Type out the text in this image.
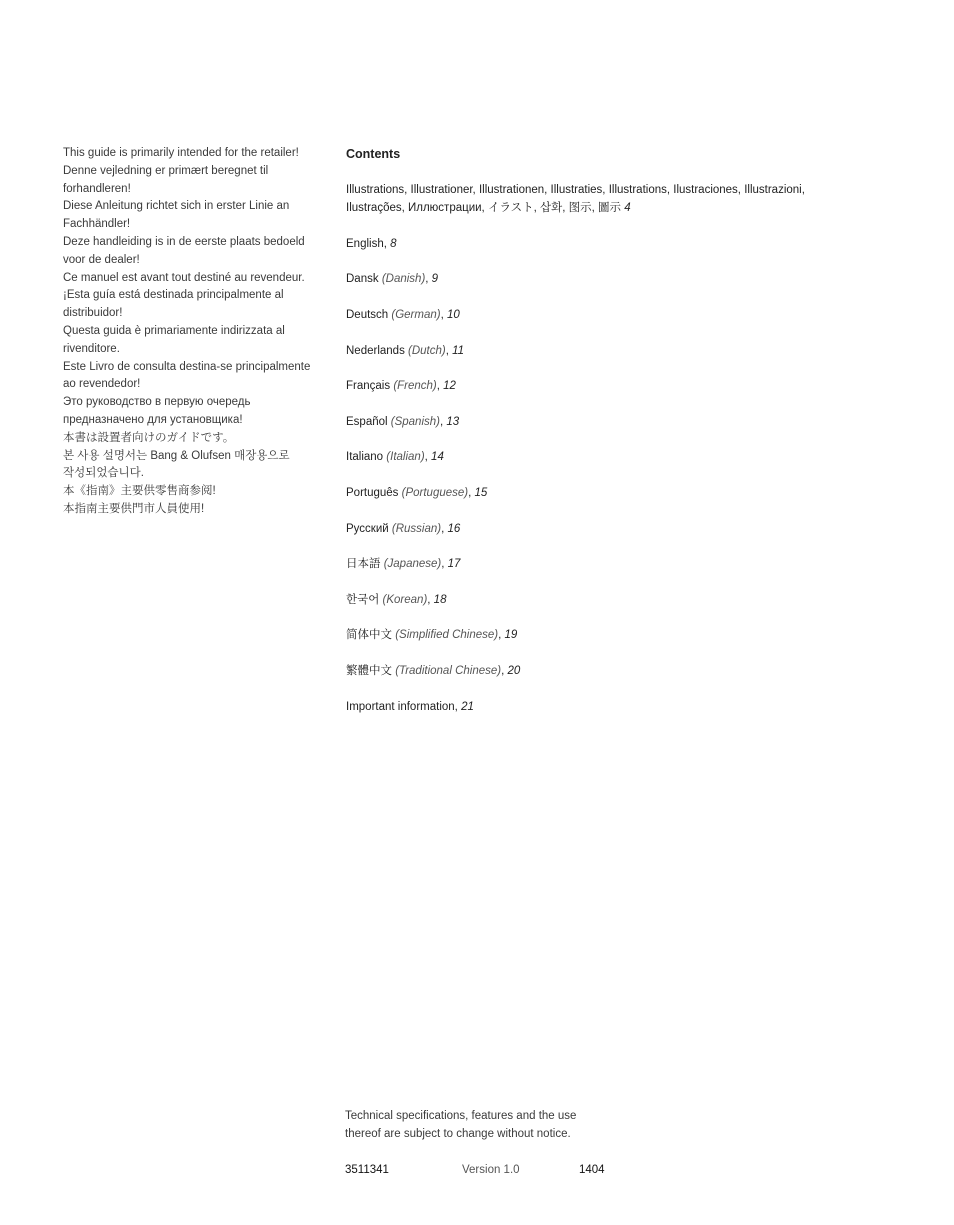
This guide is primarily intended for the retailer!
Denne vejledning er primært beregnet til
forhandleren!
Diese Anleitung richtet sich in erster Linie an
Fachhändler!
Deze handleiding is in de eerste plaats bedoeld
voor de dealer!
Ce manuel est avant tout destiné au revendeur.
¡Esta guía está destinada principalmente al
distribuidor!
Questa guida è primariamente indirizzata al
rivenditore.
Este Livro de consulta destina-se principalmente
ao revendedor!
Это руководство в первую очередь
предназначено для установщика!
本書は設置者向けのガイドです。
본 사용 설명서는 Bang & Olufsen 매장용으로
작성되었습니다.
本《指南》主要供零售商参阅!
本指南主要供門市人員使用!
Contents
Illustrations, Illustrationer, Illustrationen, Illustraties, Illustrations, Ilustraciones, Illustrazioni, Ilustrações, Иллюстрации, イラスト, 삽화, 图示, 圖示 4
English, 8
Dansk (Danish), 9
Deutsch (German), 10
Nederlands (Dutch), 11
Français (French), 12
Español (Spanish), 13
Italiano (Italian), 14
Português (Portuguese), 15
Русский (Russian), 16
日本語 (Japanese), 17
한국어 (Korean), 18
简体中文 (Simplified Chinese), 19
繁體中文 (Traditional Chinese), 20
Important information, 21
Technical specifications, features and the use
thereof are subject to change without notice.
3511341	Version 1.0	1404
